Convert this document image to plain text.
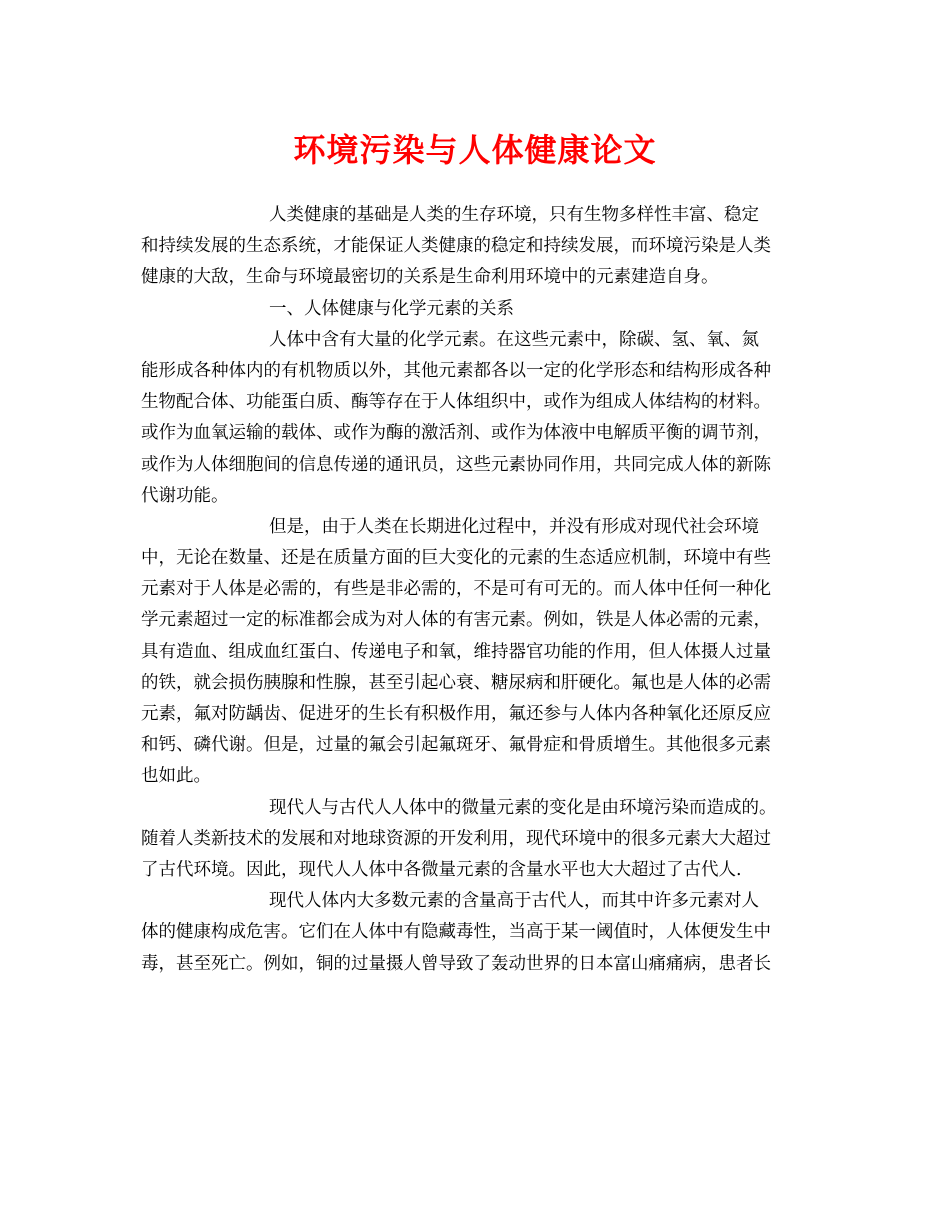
环境污染与人体健康论文
人类健康的基础是人类的生存环境，只有生物多样性丰富、稳定
和持续发展的生态系统，才能保证人类健康的稳定和持续发展，而环境污染是人类
健康的大敌，生命与环境最密切的关系是生命利用环境中的元素建造自身。
一、人体健康与化学元素的关系
人体中含有大量的化学元素。在这些元素中，除碳、氢、氧、氮
能形成各种体内的有机物质以外，其他元素都各以一定的化学形态和结构形成各种
生物配合体、功能蛋白质、酶等存在于人体组织中，或作为组成人体结构的材料。
或作为血氧运输的载体、或作为酶的激活剂、或作为体液中电解质平衡的调节剂，
或作为人体细胞间的信息传递的通讯员，这些元素协同作用，共同完成人体的新陈
代谢功能。
但是，由于人类在长期进化过程中，并没有形成对现代社会环境
中，无论在数量、还是在质量方面的巨大变化的元素的生态适应机制，环境中有些
元素对于人体是必需的，有些是非必需的，不是可有可无的。而人体中任何一种化
学元素超过一定的标准都会成为对人体的有害元素。例如，铁是人体必需的元素，
具有造血、组成血红蛋白、传递电子和氧，维持器官功能的作用，但人体摄人过量
的铁，就会损伤胰腺和性腺，甚至引起心衰、糖尿病和肝硬化。氟也是人体的必需
元素，氟对防龋齿、促进牙的生长有积极作用，氟还参与人体内各种氧化还原反应
和钙、磷代谢。但是，过量的氟会引起氟斑牙、氟骨症和骨质增生。其他很多元素
也如此。
现代人与古代人人体中的微量元素的变化是由环境污染而造成的。
随着人类新技术的发展和对地球资源的开发利用，现代环境中的很多元素大大超过
了古代环境。因此，现代人人体中各微量元素的含量水平也大大超过了古代人.
现代人体内大多数元素的含量高于古代人，而其中许多元素对人
体的健康构成危害。它们在人体中有隐藏毒性，当高于某一阈值时，人体便发生中
毒，甚至死亡。例如，铜的过量摄人曾导致了轰动世界的日本富山痛痛病，患者长
